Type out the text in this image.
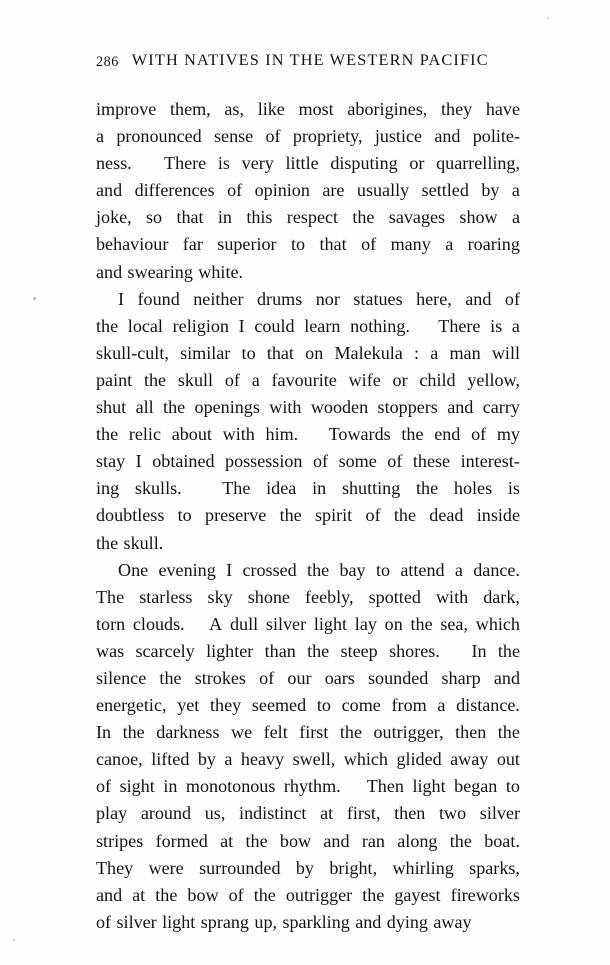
286 WITH NATIVES IN THE WESTERN PACIFIC
improve them, as, like most aborigines, they have
a pronounced sense of propriety, justice and polite-
ness. There is very little disputing or quarrelling,
and differences of opinion are usually settled by a
joke, so that in this respect the savages show a
behaviour far superior to that of many a roaring
and swearing white.
I found neither drums nor statues here, and of
the local religion I could learn nothing. There is a
skull-cult, similar to that on Malekula : a man will
paint the skull of a favourite wife or child yellow,
shut all the openings with wooden stoppers and carry
the relic about with him. Towards the end of my
stay I obtained possession of some of these interest-
ing skulls. The idea in shutting the holes is
doubtless to preserve the spirit of the dead inside
the skull.
One evening I crossed the bay to attend a dance.
The starless sky shone feebly, spotted with dark,
torn clouds. A dull silver light lay on the sea, which
was scarcely lighter than the steep shores. In the
silence the strokes of our oars sounded sharp and
energetic, yet they seemed to come from a distance.
In the darkness we felt first the outrigger, then the
canoe, lifted by a heavy swell, which glided away out
of sight in monotonous rhythm. Then light began to
play around us, indistinct at first, then two silver
stripes formed at the bow and ran along the boat.
They were surrounded by bright, whirling sparks,
and at the bow of the outrigger the gayest fireworks
of silver light sprang up, sparkling and dying away
